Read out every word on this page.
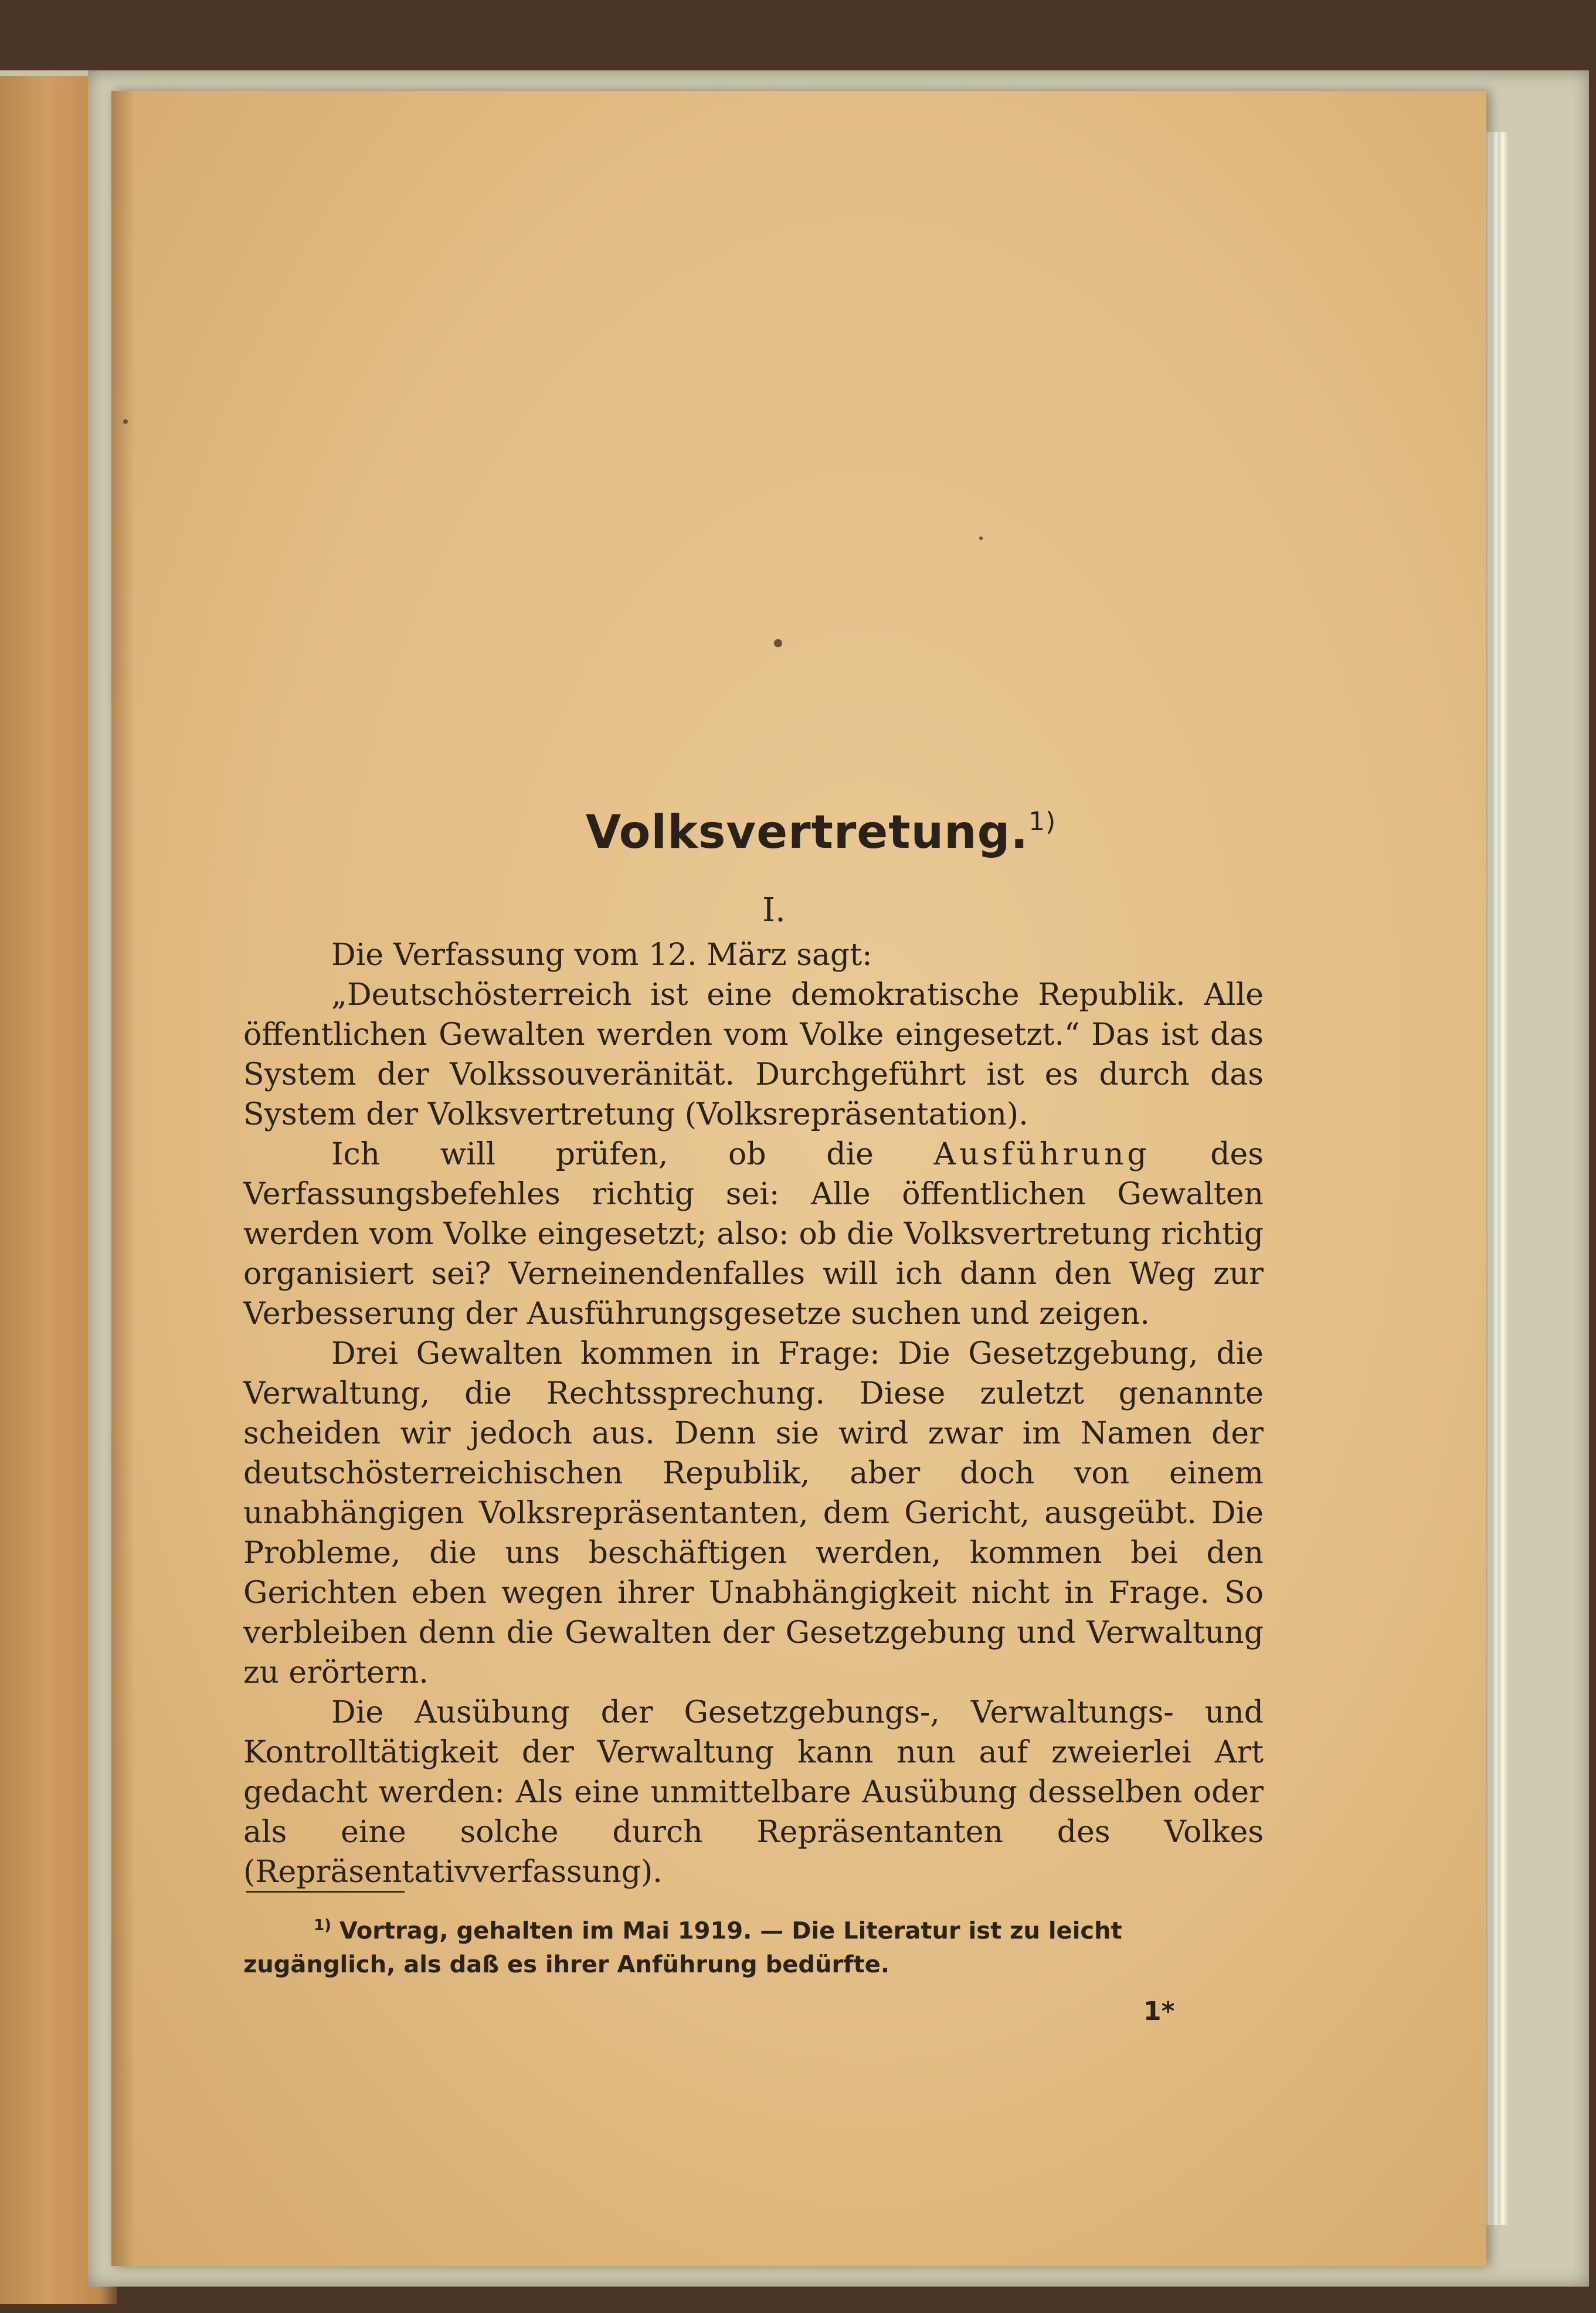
Volksvertretung.$^{1)}$
I.

Die Verfassung vom 12. März sagt:

„Deutschösterreich ist eine demokratische Republik. Alle öffentlichen Gewalten werden vom Volke eingesetzt.“ Das ist das System der Volkssouveränität. Durchgeführt ist es durch das System der Volksvertretung (Volksrepräsentation).

Ich will prüfen, ob die Ausführung des Verfassungsbefehles richtig sei: Alle öffentlichen Gewalten werden vom Volke eingesetzt; also: ob die Volksvertretung richtig organisiert sei? Verneinendenfalles will ich dann den Weg zur Verbesserung der Ausführungsgesetze suchen und zeigen.

Drei Gewalten kommen in Frage: Die Gesetzgebung, die Verwaltung, die Rechtssprechung. Diese zuletzt genannte scheiden wir jedoch aus. Denn sie wird zwar im Namen der deutschösterreichischen Republik, aber doch von einem unabhängigen Volksrepräsentanten, dem Gericht, ausgeübt. Die Probleme, die uns beschäftigen werden, kommen bei den Gerichten eben wegen ihrer Unabhängigkeit nicht in Frage. So verbleiben denn die Gewalten der Gesetzgebung und Verwaltung zu erörtern.

Die Ausübung der Gesetzgebungs-, Verwaltungs- und Kontrolltätigkeit der Verwaltung kann nun auf zweierlei Art gedacht werden: Als eine unmittelbare Ausübung desselben oder als eine solche durch Repräsentanten des Volkes (Repräsentativverfassung).

$^{1)}$ Vortrag, gehalten im Mai 1919. — Die Literatur ist zu leicht zugänglich, als daß es ihrer Anführung bedürfte.

1*
